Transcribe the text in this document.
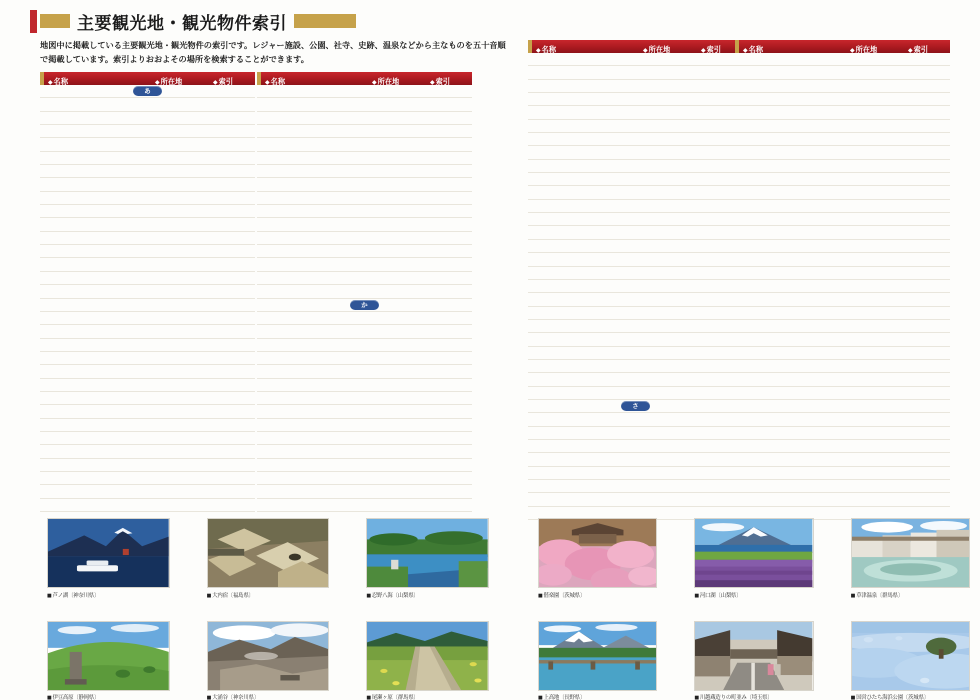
主要観光地・観光物件索引
地図中に掲載している主要観光地・観光物件の索引です。レジャー施設、公園、社寺、史跡、温泉などから主なものを五十音順で掲載しています。索引よりおおよその場所を検索することができます。
◆名称	◆所在地	◆索引
あ
◆名称	◆所在地	◆索引
か
◆名称	◆所在地	◆索引
さ
◆名称	◆所在地	◆索引
■ 芦ノ湖〔神奈川県〕	■ 大内宿〔福島県〕	■ 忍野八海〔山梨県〕
■ 伊豆高原〔静岡県〕	■ 大涌谷〔神奈川県〕	■ 尾瀬ヶ原〔群馬県〕
■ 偕楽園〔茨城県〕	■ 河口湖〔山梨県〕	■ 草津温泉〔群馬県〕
■ 上高地〔長野県〕	■ 川越蔵造りの町並み〔埼玉県〕	■ 国営ひたち海浜公園〔茨城県〕
